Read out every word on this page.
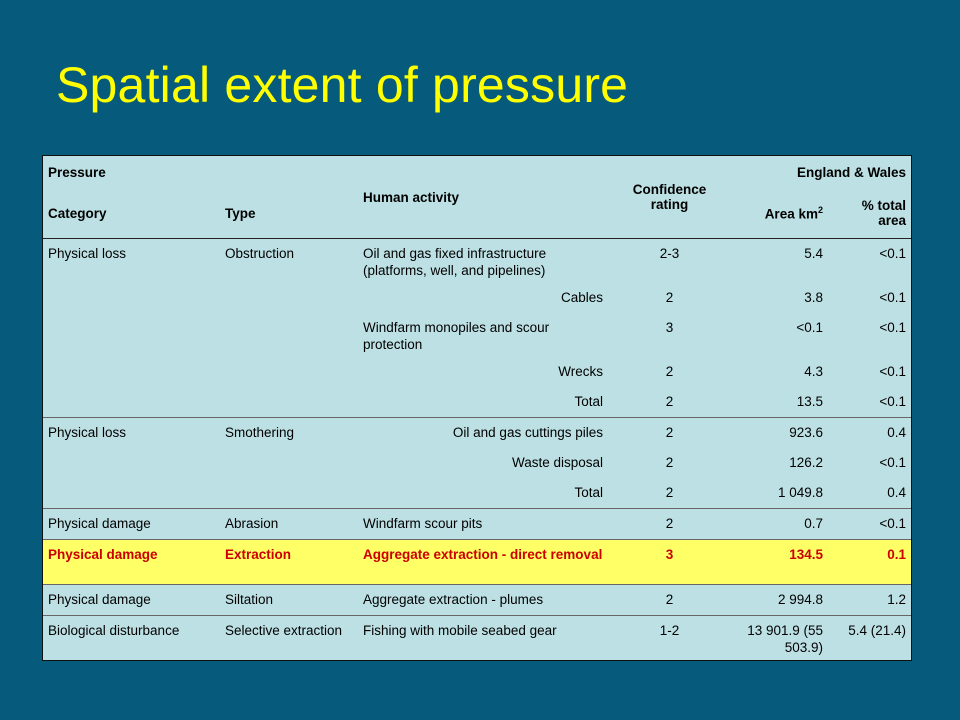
Spatial extent of pressure
Pressure		Human activity	Confidence rating	England & Wales	
Category	Type			Area $km^2$	% total area
Physical loss	Obstruction	Oil and gas fixed infrastructure (platforms, well, and pipelines)	2-3	5.4	<0.1
		Cables	2	3.8	<0.1
		Windfarm monopiles and scour protection	3	<0.1	<0.1
		Wrecks	2	4.3	<0.1
		Total	2	13.5	<0.1
Physical loss	Smothering	Oil and gas cuttings piles	2	923.6	0.4
		Waste disposal	2	126.2	<0.1
		Total	2	1 049.8	0.4
Physical damage	Abrasion	Windfarm scour pits	2	0.7	<0.1
Physical damage	Extraction	Aggregate extraction - direct removal	3	134.5	0.1
Physical damage	Siltation	Aggregate extraction - plumes	2	2 994.8	1.2
Biological disturbance	Selective extraction	Fishing with mobile seabed gear	1-2	13 901.9 (55 503.9)	5.4 (21.4)
